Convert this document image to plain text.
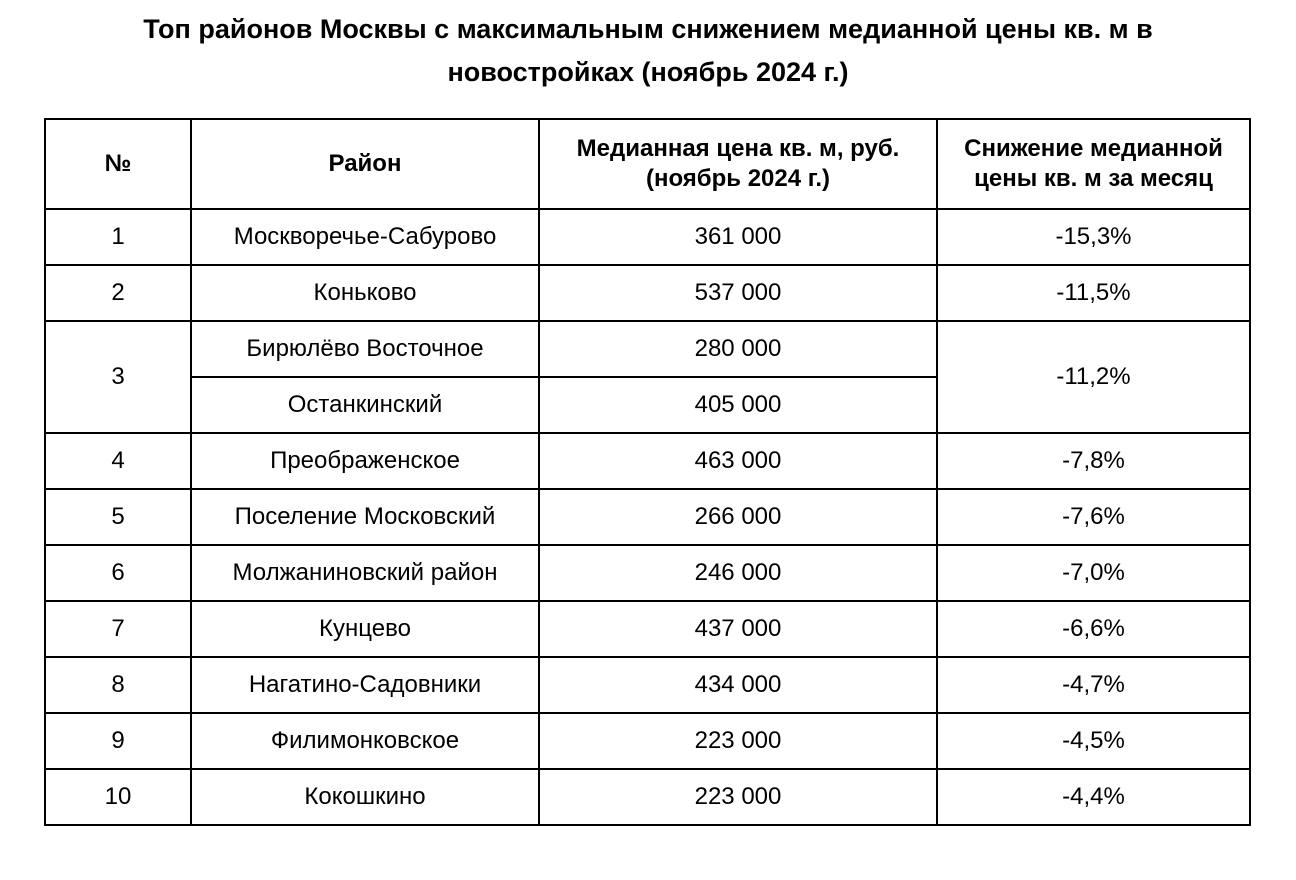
Топ районов Москвы с максимальным снижением медианной цены кв. м в
новостройках (ноябрь 2024 г.)
№	Район	Медианная цена кв. м, руб.
(ноябрь 2024 г.)	Снижение медианной
цены кв. м за месяц

1	Москворечье-Сабурово	361 000	-15,3%
2	Коньково	537 000	-11,5%
3	Бирюлёво Восточное	280 000	-11,2%
	Останкинский	405 000	
4	Преображенское	463 000	-7,8%
5	Поселение Московский	266 000	-7,6%
6	Молжаниновский район	246 000	-7,0%
7	Кунцево	437 000	-6,6%
8	Нагатино-Садовники	434 000	-4,7%
9	Филимонковское	223 000	-4,5%
10	Кокошкино	223 000	-4,4%
